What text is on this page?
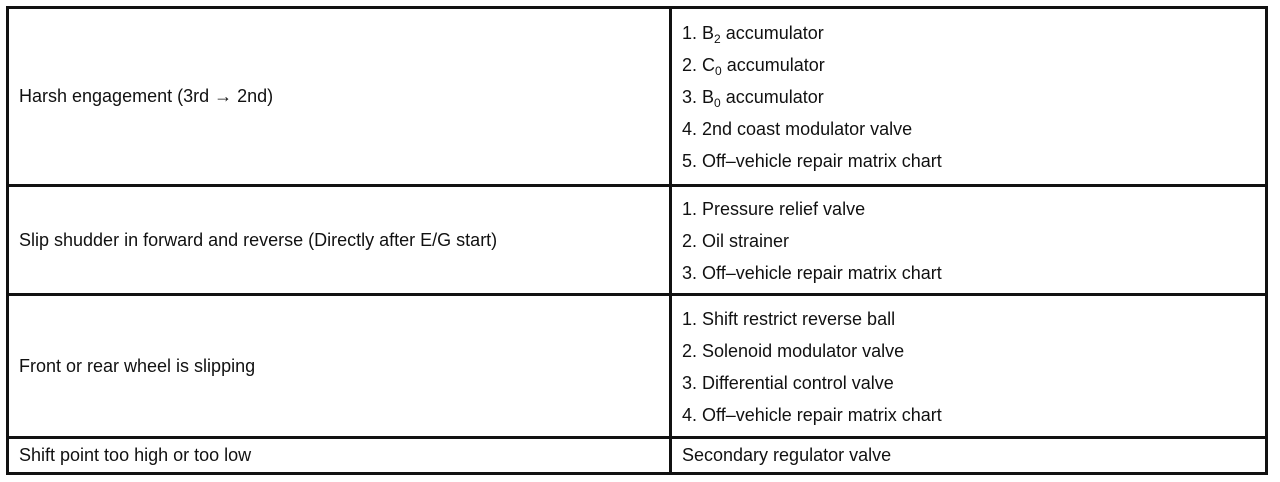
Harsh engagement (3rd → 2nd)	1. $B_2$ accumulator
2. $C_0$ accumulator
3. $B_0$ accumulator
4. 2nd coast modulator valve
5. Off–vehicle repair matrix chart

Slip shudder in forward and reverse (Directly after E/G start)	1. Pressure relief valve
2. Oil strainer
3. Off–vehicle repair matrix chart

Front or rear wheel is slipping	1. Shift restrict reverse ball
2. Solenoid modulator valve
3. Differential control valve
4. Off–vehicle repair matrix chart

Shift point too high or too low	Secondary regulator valve
